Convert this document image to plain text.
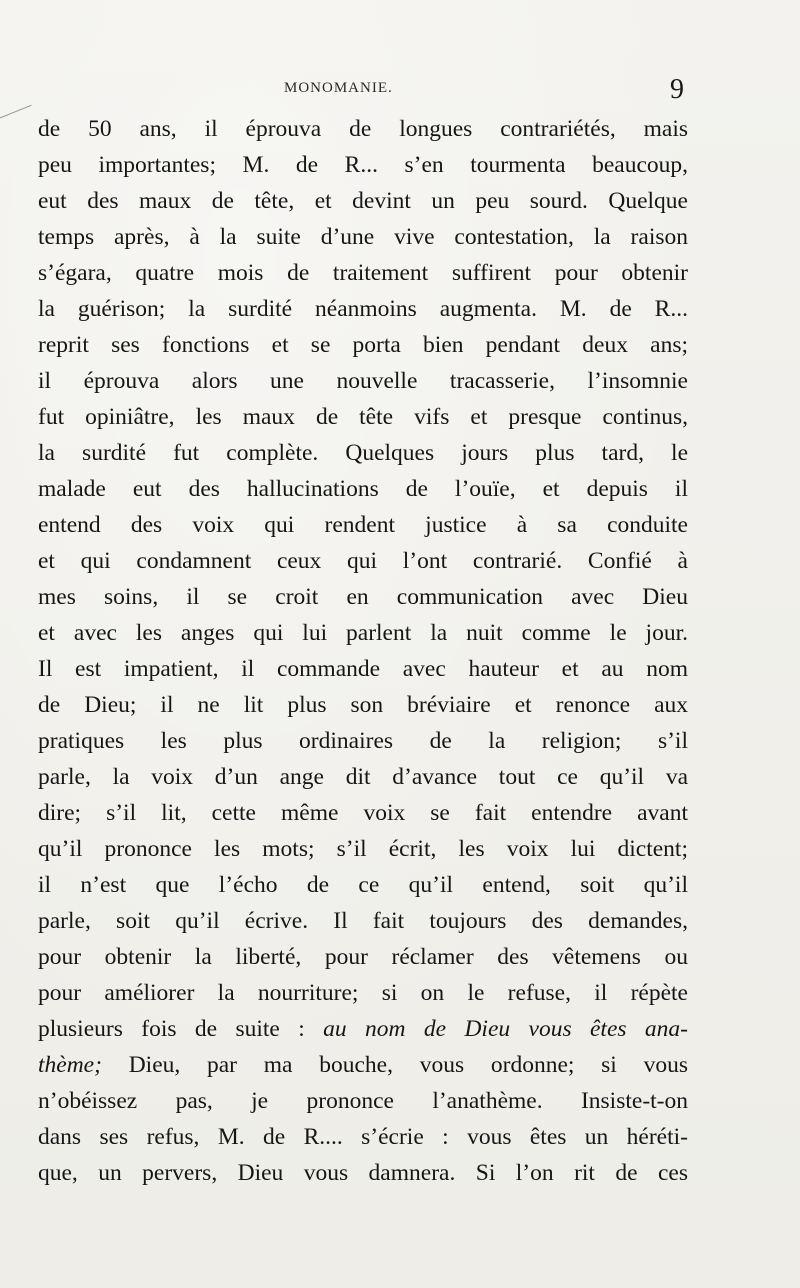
MONOMANIE.	9
de 50 ans, il éprouva de longues contrariétés, mais
peu importantes; M. de R... s’en tourmenta beaucoup,
eut des maux de tête, et devint un peu sourd. Quelque
temps après, à la suite d’une vive contestation, la raison
s’égara, quatre mois de traitement suffirent pour obtenir
la guérison; la surdité néanmoins augmenta. M. de R...
reprit ses fonctions et se porta bien pendant deux ans;
il éprouva alors une nouvelle tracasserie, l’insomnie
fut opiniâtre, les maux de tête vifs et presque continus,
la surdité fut complète. Quelques jours plus tard, le
malade eut des hallucinations de l’ouïe, et depuis il
entend des voix qui rendent justice à sa conduite
et qui condamnent ceux qui l’ont contrarié. Confié à
mes soins, il se croit en communication avec Dieu
et avec les anges qui lui parlent la nuit comme le jour.
Il est impatient, il commande avec hauteur et au nom
de Dieu; il ne lit plus son bréviaire et renonce aux
pratiques les plus ordinaires de la religion; s’il
parle, la voix d’un ange dit d’avance tout ce qu’il va
dire; s’il lit, cette même voix se fait entendre avant
qu’il prononce les mots; s’il écrit, les voix lui dictent;
il n’est que l’écho de ce qu’il entend, soit qu’il
parle, soit qu’il écrive. Il fait toujours des demandes,
pour obtenir la liberté, pour réclamer des vêtemens ou
pour améliorer la nourriture; si on le refuse, il répète
plusieurs fois de suite : au nom de Dieu vous êtes ana-
thème; Dieu, par ma bouche, vous ordonne; si vous
n’obéissez pas, je prononce l’anathème. Insiste-t-on
dans ses refus, M. de R.... s’écrie : vous êtes un héréti-
que, un pervers, Dieu vous damnera. Si l’on rit de ces
